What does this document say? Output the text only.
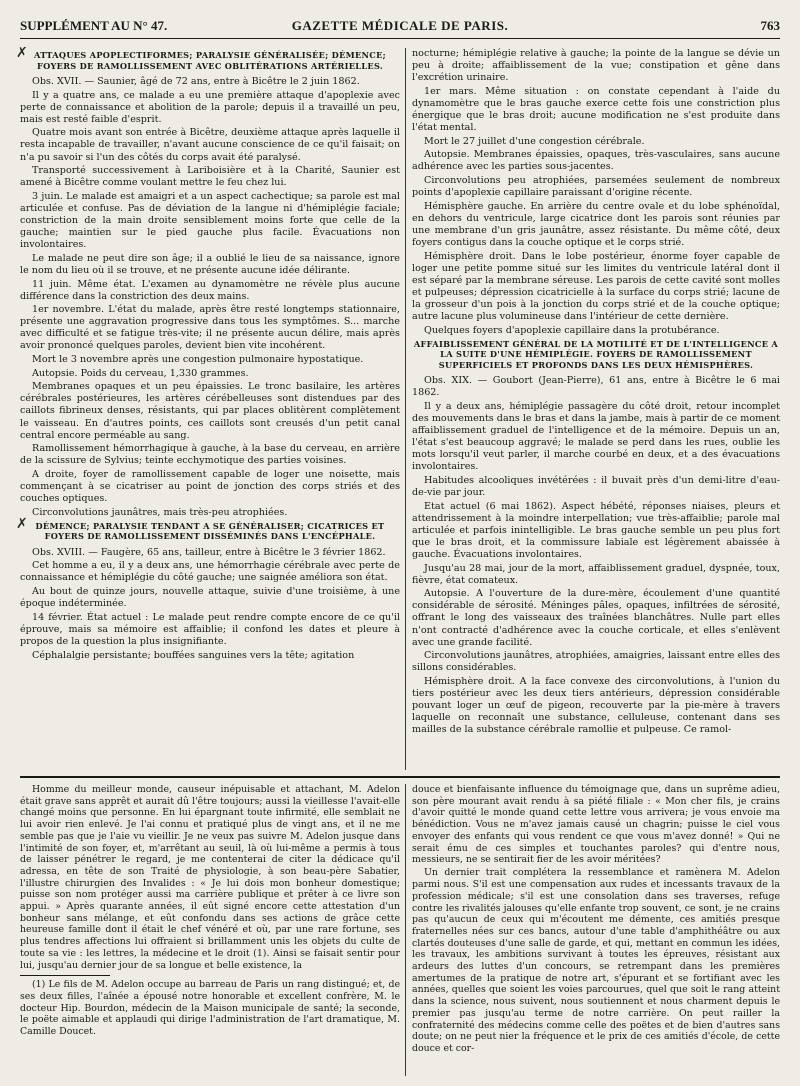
SUPPLÉMENT AU N° 47.	GAZETTE MÉDICALE DE PARIS.	763
✗ ATTAQUES APOPLECTIFORMES; PARALYSIE GÉNÉRALISÉE; DÉMENCE; FOYERS DE RAMOLLISSEMENT AVEC OBLITÉRATIONS ARTÉRIELLES.

Obs. XVII. — Saunier, âgé de 72 ans, entre à Bicêtre le 2 juin 1862.

Il y a quatre ans, ce malade a eu une première attaque d'apoplexie avec perte de connaissance et abolition de la parole; depuis il a travaillé un peu, mais est resté faible d'esprit.

Quatre mois avant son entrée à Bicêtre, deuxième attaque après laquelle il resta incapable de travailler, n'avant aucune conscience de ce qu'il faisait; on n'a pu savoir si l'un des côtés du corps avait été paralysé.

Transporté successivement à Lariboisière et à la Charité, Saunier est amené à Bicêtre comme voulant mettre le feu chez lui.

3 juin. Le malade est amaigri et a un aspect cachectique; sa parole est mal articulée et confuse. Pas de déviation de la langue ni d'hémiplégie faciale; constriction de la main droite sensiblement moins forte que celle de la gauche; maintien sur le pied gauche plus facile. Évacuations non involontaires.

Le malade ne peut dire son âge; il a oublié le lieu de sa naissance, ignore le nom du lieu où il se trouve, et ne présente aucune idée délirante.

11 juin. Même état. L'examen au dynamomètre ne révèle plus aucune différence dans la constriction des deux mains.

1er novembre. L'état du malade, après être resté longtemps stationnaire, présente une aggravation progressive dans tous les symptômes. S... marche avec difficulté et se fatigue très-vite; il ne présente aucun délire, mais après avoir prononcé quelques paroles, devient bien vite incohérent.

Mort le 3 novembre après une congestion pulmonaire hypostatique.

Autopsie. Poids du cerveau, 1,330 grammes.

Membranes opaques et un peu épaissies. Le tronc basilaire, les artères cérébrales postérieures, les artères cérébelleuses sont distendues par des caillots fibrineux denses, résistants, qui par places oblitèrent complètement le vaisseau. En d'autres points, ces caillots sont creusés d'un petit canal central encore perméable au sang.

Ramollissement hémorrhagique à gauche, à la base du cerveau, en arrière de la scissure de Sylvius; teinte ecchymotique des parties voisines.

A droite, foyer de ramollissement capable de loger une noisette, mais commençant à se cicatriser au point de jonction des corps striés et des couches optiques.

Circonvolutions jaunâtres, mais très-peu atrophiées.

✗ DÉMENCE; PARALYSIE TENDANT A SE GÉNÉRALISER; CICATRICES ET FOYERS DE RAMOLLISSEMENT DISSÉMINÉS DANS L'ENCÉPHALE.

Obs. XVIII. — Faugère, 65 ans, tailleur, entre à Bicêtre le 3 février 1862.

Cet homme a eu, il y a deux ans, une hémorrhagie cérébrale avec perte de connaissance et hémiplégie du côté gauche; une saignée améliora son état.

Au bout de quinze jours, nouvelle attaque, suivie d'une troisième, à une époque indéterminée.

14 février. État actuel : Le malade peut rendre compte encore de ce qu'il éprouve, mais sa mémoire est affaiblie; il confond les dates et pleure à propos de la question la plus insignifiante.

Céphalalgie persistante; bouffées sanguines vers la tête; agitation

nocturne; hémiplégie relative à gauche; la pointe de la langue se dévie un peu à droite; affaiblissement de la vue; constipation et gêne dans l'excrétion urinaire.

1er mars. Même situation : on constate cependant à l'aide du dynamomètre que le bras gauche exerce cette fois une constriction plus énergique que le bras droit; aucune modification ne s'est produite dans l'état mental.

Mort le 27 juillet d'une congestion cérébrale.

Autopsie. Membranes épaissies, opaques, très-vasculaires, sans aucune adhérence avec les parties sous-jacentes.

Circonvolutions peu atrophiées, parsemées seulement de nombreux points d'apoplexie capillaire paraissant d'origine récente.

Hémisphère gauche. En arrière du centre ovale et du lobe sphénoïdal, en dehors du ventricule, large cicatrice dont les parois sont réunies par une membrane d'un gris jaunâtre, assez résistante. Du même côté, deux foyers contigus dans la couche optique et le corps strié.

Hémisphère droit. Dans le lobe postérieur, énorme foyer capable de loger une petite pomme situé sur les limites du ventricule latéral dont il est séparé par la membrane séreuse. Les parois de cette cavité sont molles et pulpeuses; dépression cicatricielle à la surface du corps strié; lacune de la grosseur d'un pois à la jonction du corps strié et de la couche optique; autre lacune plus volumineuse dans l'intérieur de cette dernière.

Quelques foyers d'apoplexie capillaire dans la protubérance.

AFFAIBLISSEMENT GÉNÉRAL DE LA MOTILITÉ ET DE L'INTELLIGENCE A LA SUITE D'UNE HÉMIPLÉGIE. FOYERS DE RAMOLLISSEMENT SUPERFICIELS ET PROFONDS DANS LES DEUX HÉMISPHÈRES.

Obs. XIX. — Goubort (Jean-Pierre), 61 ans, entre à Bicêtre le 6 mai 1862.

Il y a deux ans, hémiplégie passagère du côté droit, retour incomplet des mouvements dans le bras et dans la jambe, mais à partir de ce moment affaiblissement graduel de l'intelligence et de la mémoire. Depuis un an, l'état s'est beaucoup aggravé; le malade se perd dans les rues, oublie les mots lorsqu'il veut parler, il marche courbé en deux, et a des évacuations involontaires.

Habitudes alcooliques invétérées : il buvait près d'un demi-litre d'eau-de-vie par jour.

Etat actuel (6 mai 1862). Aspect hébété, réponses niaises, pleurs et attendrissement à la moindre interpellation; vue très-affaiblie; parole mal articulée et parfois inintelligible. Le bras gauche semble un peu plus fort que le bras droit, et la commissure labiale est légèrement abaissée à gauche. Évacuations involontaires.

Jusqu'au 28 mai, jour de la mort, affaiblissement graduel, dyspnée, toux, fièvre, état comateux.

Autopsie. A l'ouverture de la dure-mère, écoulement d'une quantité considérable de sérosité. Méninges pâles, opaques, infiltrées de sérosité, offrant le long des vaisseaux des traînées blanchâtres. Nulle part elles n'ont contracté d'adhérence avec la couche corticale, et elles s'enlèvent avec une grande facilité.

Circonvolutions jaunâtres, atrophiées, amaigries, laissant entre elles des sillons considérables.

Hémisphère droit. A la face convexe des circonvolutions, à l'union du tiers postérieur avec les deux tiers antérieurs, dépression considérable pouvant loger un œuf de pigeon, recouverte par la pie-mère à travers laquelle on reconnaît une substance, celluleuse, contenant dans ses mailles de la substance cérébrale ramollie et pulpeuse. Ce ramol-

Homme du meilleur monde, causeur inépuisable et attachant, M. Adelon était grave sans apprêt et aurait dû l'être toujours; aussi la vieillesse l'avait-elle changé moins que personne. En lui épargnant toute infirmité, elle semblait ne lui avoir rien enlevé. Je l'ai connu et pratiqué plus de vingt ans, et il ne me semble pas que je l'aie vu vieillir. Je ne veux pas suivre M. Adelon jusque dans l'intimité de son foyer, et, m'arrêtant au seuil, là où lui-même a permis à tous de laisser pénétrer le regard, je me contenterai de citer la dédicace qu'il adressa, en tête de son Traité de physiologie, à son beau-père Sabatier, l'illustre chirurgien des Invalides : « Je lui dois mon bonheur domestique; puisse son nom protéger aussi ma carrière publique et prêter à ce livre son appui. » Après quarante années, il eût signé encore cette attestation d'un bonheur sans mélange, et eût confondu dans ses actions de grâce cette heureuse famille dont il était le chef vénéré et où, par une rare fortune, ses plus tendres affections lui offraient si brillamment unis les objets du culte de toute sa vie : les lettres, la médecine et le droit (1). Ainsi se faisait sentir pour lui, jusqu'au dernier jour de sa longue et belle existence, la

(1) Le fils de M. Adelon occupe au barreau de Paris un rang distingué; et, de ses deux filles, l'aînée a épousé notre honorable et excellent confrère, M. le docteur Hip. Bourdon, médecin de la Maison municipale de santé; la seconde, le poëte aimable et applaudi qui dirige l'administration de l'art dramatique, M. Camille Doucet.

douce et bienfaisante influence du témoignage que, dans un suprême adieu, son père mourant avait rendu à sa piété filiale : « Mon cher fils, je crains d'avoir quitté le monde quand cette lettre vous arrivera; je vous envoie ma bénédiction. Vous ne m'avez jamais causé un chagrin; puisse le ciel vous envoyer des enfants qui vous rendent ce que vous m'avez donné! » Qui ne serait ému de ces simples et touchantes paroles? qui d'entre nous, messieurs, ne se sentirait fier de les avoir méritées?

Un dernier trait complétera la ressemblance et ramènera M. Adelon parmi nous. S'il est une compensation aux rudes et incessants travaux de la profession médicale; s'il est une consolation dans ses traverses, refuge contre les rivalités jalouses qu'elle enfante trop souvent, ce sont, je ne crains pas qu'aucun de ceux qui m'écoutent me démente, ces amitiés presque fraternelles nées sur ces bancs, autour d'une table d'amphithéâtre ou aux clartés douteuses d'une salle de garde, et qui, mettant en commun les idées, les travaux, les ambitions survivant à toutes les épreuves, résistant aux ardeurs des luttes d'un concours, se retrempant dans les premières amertumes de la pratique de notre art, s'épurant et se fortifiant avec les années, quelles que soient les voies parcourues, quel que soit le rang atteint dans la science, nous suivent, nous soutiennent et nous charment depuis le premier pas jusqu'au terme de notre carrière. On peut railler la confraternité des médecins comme celle des poëtes et de bien d'autres sans doute; on ne peut nier la fréquence et le prix de ces amitiés d'école, de cette douce et cor-
